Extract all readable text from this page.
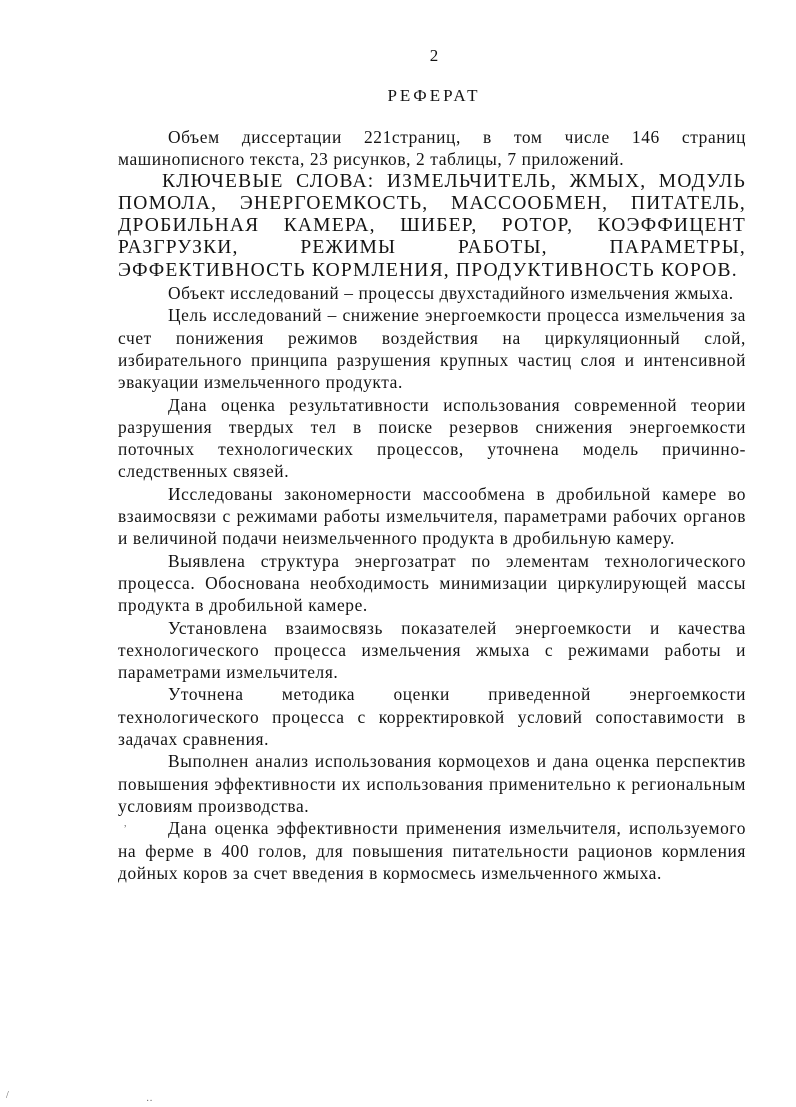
2
РЕФЕРАТ

Объем диссертации 221страниц, в том числе 146 страниц машинописного текста, 23 рисунков, 2 таблицы, 7 приложений.

КЛЮЧЕВЫЕ СЛОВА: ИЗМЕЛЬЧИТЕЛЬ, ЖМЫХ, МОДУЛЬ ПОМОЛА, ЭНЕРГОЕМКОСТЬ, МАССООБМЕН, ПИТАТЕЛЬ, ДРОБИЛЬНАЯ КАМЕРА, ШИБЕР, РОТОР, КОЭФФИЦЕНТ РАЗГРУЗКИ, РЕЖИМЫ РАБОТЫ, ПАРАМЕТРЫ, ЭФФЕКТИВНОСТЬ КОРМЛЕНИЯ, ПРОДУКТИВНОСТЬ КОРОВ.

Объект исследований – процессы двухстадийного измельчения жмыха.

Цель исследований – снижение энергоемкости процесса измельчения за счет понижения режимов воздействия на циркуляционный слой, избирательного принципа разрушения крупных частиц слоя и интенсивной эвакуации измельченного продукта.

Дана оценка результативности использования современной теории разрушения твердых тел в поиске резервов снижения энергоемкости поточных технологических процессов, уточнена модель причинно-следственных связей.

Исследованы закономерности массообмена в дробильной камере во взаимосвязи с режимами работы измельчителя, параметрами рабочих органов и величиной подачи неизмельченного продукта в дробильную камеру.

Выявлена структура энергозатрат по элементам технологического процесса. Обоснована необходимость минимизации циркулирующей массы продукта в дробильной камере.

Установлена взаимосвязь показателей энергоемкости и качества технологического процесса измельчения жмыха с режимами работы и параметрами измельчителя.

Уточнена методика оценки приведенной энергоемкости технологического процесса с корректировкой условий сопоставимости в задачах сравнения.

Выполнен анализ использования кормоцехов и дана оценка перспектив повышения эффективности их использования применительно к региональным условиям производства.

Дана оценка эффективности применения измельчителя, используемого на ферме в 400 голов, для повышения питательности рационов кормления дойных коров за счет введения в кормосмесь измельченного жмыха.

,
/
··
